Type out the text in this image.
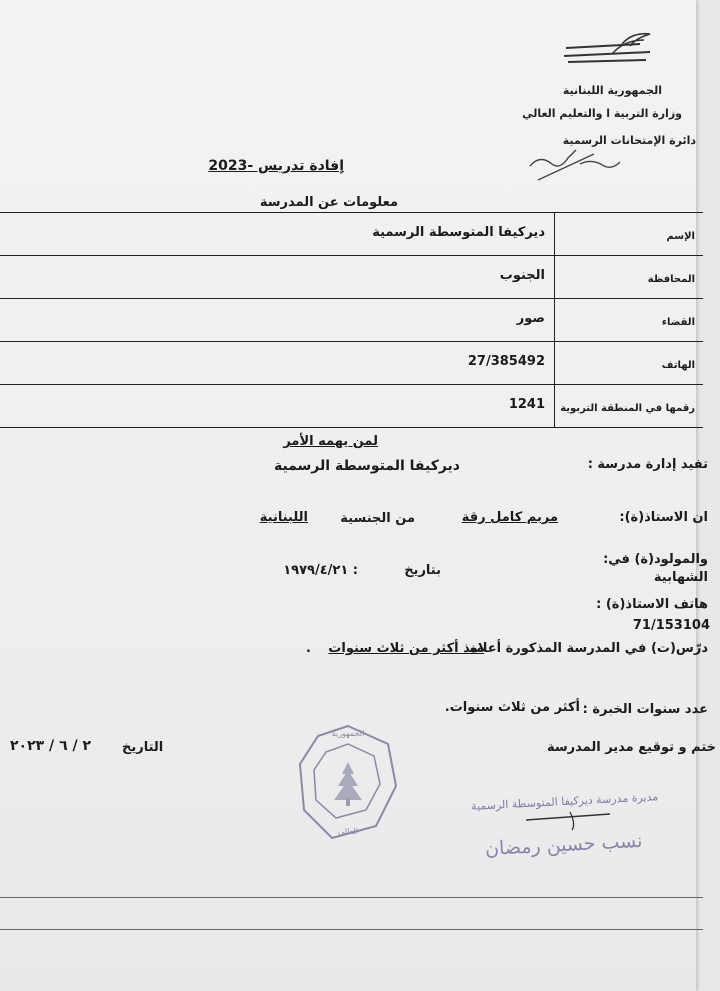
الجمهورية اللبنانية
وزارة التربية ا والتعليم العالي
دائرة الإمتحانات الرسمية
إفادة تدريس -2023
معلومات عن المدرسة
الإسم
ديركيفا المتوسطة الرسمية
المحافظة
الجنوب
القضاء
صور
الهاتف
27/385492
رقمها في المنطقة التربوية
1241
لمن يهمه الأمر
تفيد إدارة مدرسة :
ديركيفا المتوسطة الرسمية
ان الاستاذ(ة):
مريم كامل رقة
من الجنسية
اللبنانية
والمولود(ة) في:
بتاريخ
: ١٩٧٩/٤/٢١	الشهابية
هاتف الاستاذ(ة) :
71/153104
درّس(ت) في المدرسة المذكورة أعلاه
منذ أكثر من ثلاث سنوات
.
عدد سنوات الخبرة :
أكثر من ثلاث سنوات.
ختم و توقيع مدير المدرسة
التاريخ
٢ / ٦ / ٢٠٢٣
الجمهورية
العالي
مديرة مدرسة ديركيفا المتوسطة الرسمية
نسب حسين رمضان
